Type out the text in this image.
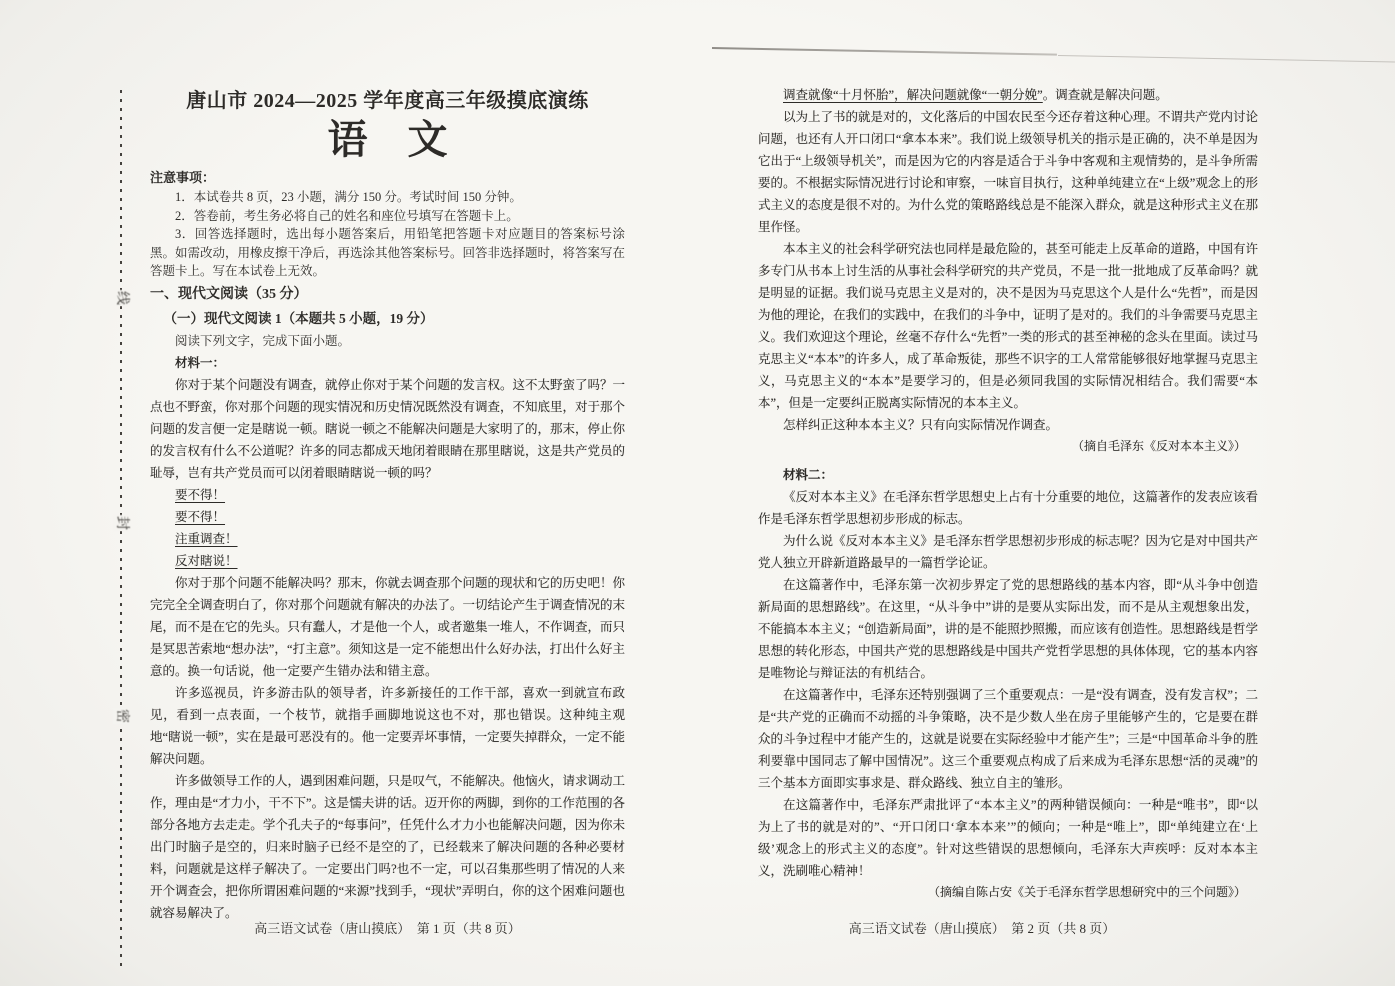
线
封
密
唐山市 2024—2025 学年度高三年级摸底演练
语　文

注意事项：

1．本试卷共 8 页，23 小题，满分 150 分。考试时间 150 分钟。

2．答卷前，考生务必将自己的姓名和座位号填写在答题卡上。

3．回答选择题时，选出每小题答案后，用铅笔把答题卡对应题目的答案标号涂黑。如需改动，用橡皮擦干净后，再选涂其他答案标号。回答非选择题时，将答案写在答题卡上。写在本试卷上无效。

一、现代文阅读（35 分）

（一）现代文阅读 1（本题共 5 小题，19 分）

阅读下列文字，完成下面小题。

材料一：

你对于某个问题没有调查，就停止你对于某个问题的发言权。这不太野蛮了吗？一点也不野蛮，你对那个问题的现实情况和历史情况既然没有调查，不知底里，对于那个问题的发言便一定是瞎说一顿。瞎说一顿之不能解决问题是大家明了的，那末，停止你的发言权有什么不公道呢？许多的同志都成天地闭着眼睛在那里瞎说，这是共产党员的耻辱，岂有共产党员而可以闭着眼睛瞎说一顿的吗？

要不得！

要不得！

注重调查！

反对瞎说！

你对于那个问题不能解决吗？那末，你就去调查那个问题的现状和它的历史吧！你完完全全调查明白了，你对那个问题就有解决的办法了。一切结论产生于调查情况的末尾，而不是在它的先头。只有蠢人，才是他一个人，或者邀集一堆人，不作调查，而只是冥思苦索地“想办法”，“打主意”。须知这是一定不能想出什么好办法，打出什么好主意的。换一句话说，他一定要产生错办法和错主意。

许多巡视员，许多游击队的领导者，许多新接任的工作干部，喜欢一到就宣布政见，看到一点表面，一个枝节，就指手画脚地说这也不对，那也错误。这种纯主观地“瞎说一顿”，实在是最可恶没有的。他一定要弄坏事情，一定要失掉群众，一定不能解决问题。

许多做领导工作的人，遇到困难问题，只是叹气，不能解决。他恼火，请求调动工作，理由是“才力小，干不下”。这是懦夫讲的话。迈开你的两脚，到你的工作范围的各部分各地方去走走。学个孔夫子的“每事问”，任凭什么才力小也能解决问题，因为你未出门时脑子是空的，归来时脑子已经不是空的了，已经载来了解决问题的各种必要材料，问题就是这样子解决了。一定要出门吗?也不一定，可以召集那些明了情况的人来开个调查会，把你所谓困难问题的“来源”找到手，“现状”弄明白，你的这个困难问题也就容易解决了。

高三语文试卷（唐山摸底）　第 1 页（共 8 页）

调查就像“十月怀胎”，解决问题就像“一朝分娩”。调查就是解决问题。

以为上了书的就是对的，文化落后的中国农民至今还存着这种心理。不谓共产党内讨论问题，也还有人开口闭口“拿本本来”。我们说上级领导机关的指示是正确的，决不单是因为它出于“上级领导机关”，而是因为它的内容是适合于斗争中客观和主观情势的，是斗争所需要的。不根据实际情况进行讨论和审察，一味盲目执行，这种单纯建立在“上级”观念上的形式主义的态度是很不对的。为什么党的策略路线总是不能深入群众，就是这种形式主义在那里作怪。

本本主义的社会科学研究法也同样是最危险的，甚至可能走上反革命的道路，中国有许多专门从书本上讨生活的从事社会科学研究的共产党员，不是一批一批地成了反革命吗？就是明显的证据。我们说马克思主义是对的，决不是因为马克思这个人是什么“先哲”，而是因为他的理论，在我们的实践中，在我们的斗争中，证明了是对的。我们的斗争需要马克思主义。我们欢迎这个理论，丝毫不存什么“先哲”一类的形式的甚至神秘的念头在里面。读过马克思主义“本本”的许多人，成了革命叛徒，那些不识字的工人常常能够很好地掌握马克思主义，马克思主义的“本本”是要学习的，但是必须同我国的实际情况相结合。我们需要“本本”，但是一定要纠正脱离实际情况的本本主义。

怎样纠正这种本本主义？只有向实际情况作调查。

（摘自毛泽东《反对本本主义》）

材料二：

《反对本本主义》在毛泽东哲学思想史上占有十分重要的地位，这篇著作的发表应该看作是毛泽东哲学思想初步形成的标志。

为什么说《反对本本主义》是毛泽东哲学思想初步形成的标志呢？因为它是对中国共产党人独立开辟新道路最早的一篇哲学论证。

在这篇著作中，毛泽东第一次初步界定了党的思想路线的基本内容，即“从斗争中创造新局面的思想路线”。在这里，“从斗争中”讲的是要从实际出发，而不是从主观想象出发，不能搞本本主义；“创造新局面”，讲的是不能照抄照搬，而应该有创造性。思想路线是哲学思想的转化形态，中国共产党的思想路线是中国共产党哲学思想的具体体现，它的基本内容是唯物论与辩证法的有机结合。

在这篇著作中，毛泽东还特别强调了三个重要观点：一是“没有调查，没有发言权”；二是“共产党的正确而不动摇的斗争策略，决不是少数人坐在房子里能够产生的，它是要在群众的斗争过程中才能产生的，这就是说要在实际经验中才能产生”；三是“中国革命斗争的胜利要靠中国同志了解中国情况”。这三个重要观点构成了后来成为毛泽东思想“活的灵魂”的三个基本方面即实事求是、群众路线、独立自主的雏形。

在这篇著作中，毛泽东严肃批评了“本本主义”的两种错误倾向：一种是“唯书”，即“以为上了书的就是对的”、“开口闭口‘拿本本来’”的倾向；一种是“唯上”，即“单纯建立在‘上级’观念上的形式主义的态度”。针对这些错误的思想倾向，毛泽东大声疾呼：反对本本主义，洗刷唯心精神！

（摘编自陈占安《关于毛泽东哲学思想研究中的三个问题》）

高三语文试卷（唐山摸底）　第 2 页（共 8 页）
